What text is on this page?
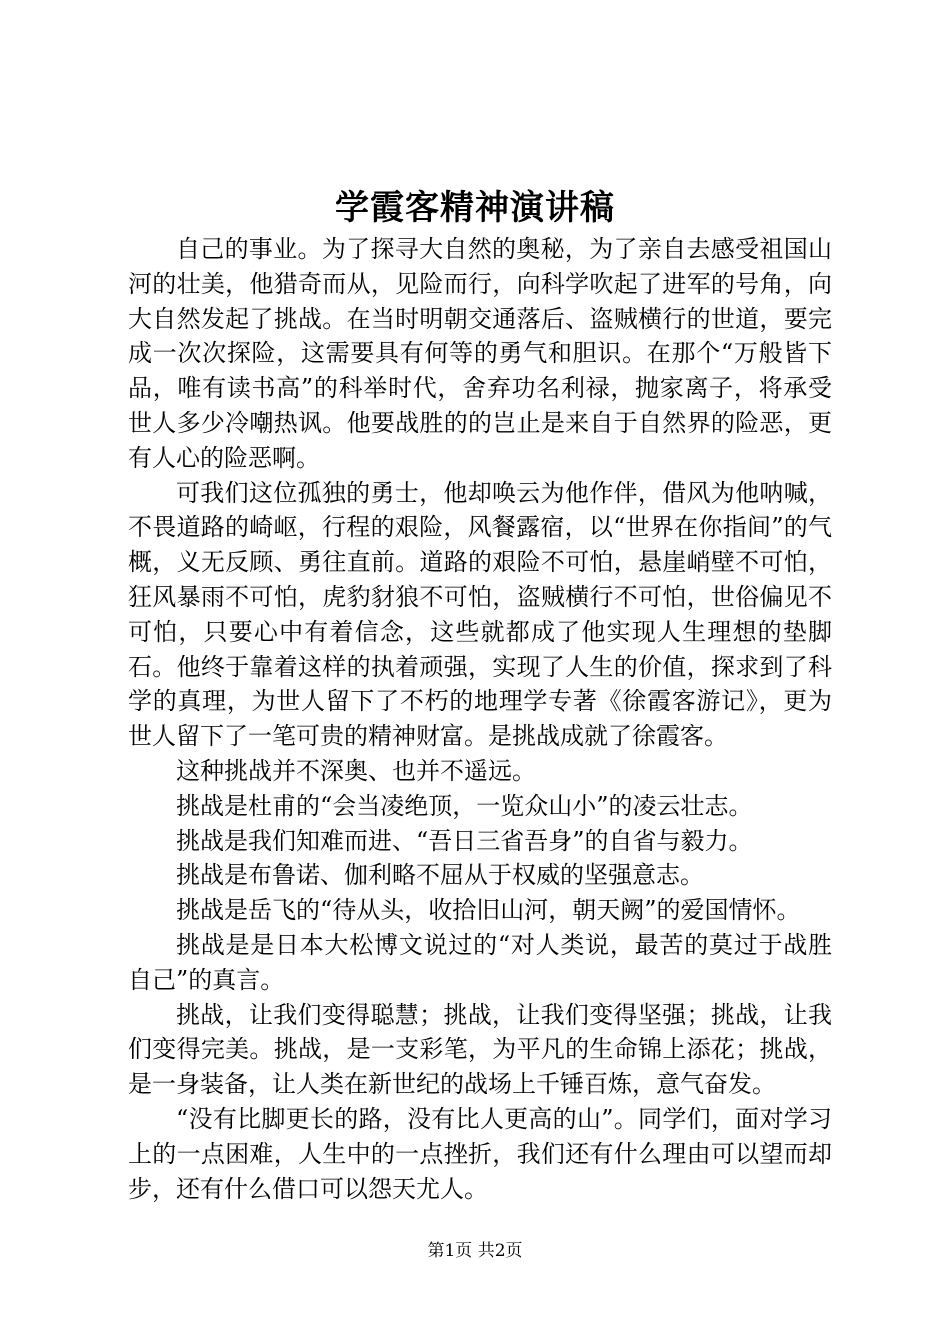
学霞客精神演讲稿

自己的事业。为了探寻大自然的奥秘，为了亲自去感受祖国山河的壮美，他猎奇而从，见险而行，向科学吹起了进军的号角，向大自然发起了挑战。在当时明朝交通落后、盗贼横行的世道，要完成一次次探险，这需要具有何等的勇气和胆识。在那个“万般皆下品，唯有读书高”的科举时代，舍弃功名利禄，抛家离子，将承受世人多少冷嘲热讽。他要战胜的的岂止是来自于自然界的险恶，更有人心的险恶啊。

可我们这位孤独的勇士，他却唤云为他作伴，借风为他呐喊，不畏道路的崎岖，行程的艰险，风餐露宿，以“世界在你指间”的气概，义无反顾、勇往直前。道路的艰险不可怕，悬崖峭壁不可怕，狂风暴雨不可怕，虎豹豺狼不可怕，盗贼横行不可怕，世俗偏见不可怕，只要心中有着信念，这些就都成了他实现人生理想的垫脚石。他终于靠着这样的执着顽强，实现了人生的价值，探求到了科学的真理，为世人留下了不朽的地理学专著《徐霞客游记》，更为世人留下了一笔可贵的精神财富。是挑战成就了徐霞客。

这种挑战并不深奥、也并不遥远。

挑战是杜甫的“会当凌绝顶，一览众山小”的凌云壮志。

挑战是我们知难而进、“吾日三省吾身”的自省与毅力。

挑战是布鲁诺、伽利略不屈从于权威的坚强意志。

挑战是岳飞的“待从头，收拾旧山河，朝天阙”的爱国情怀。

挑战是是日本大松博文说过的“对人类说，最苦的莫过于战胜自己”的真言。

挑战，让我们变得聪慧；挑战，让我们变得坚强；挑战，让我们变得完美。挑战，是一支彩笔，为平凡的生命锦上添花；挑战，是一身装备，让人类在新世纪的战场上千锤百炼，意气奋发。

“没有比脚更长的路，没有比人更高的山”。同学们，面对学习上的一点困难，人生中的一点挫折，我们还有什么理由可以望而却步，还有什么借口可以怨天尤人。

第1页 共2页
